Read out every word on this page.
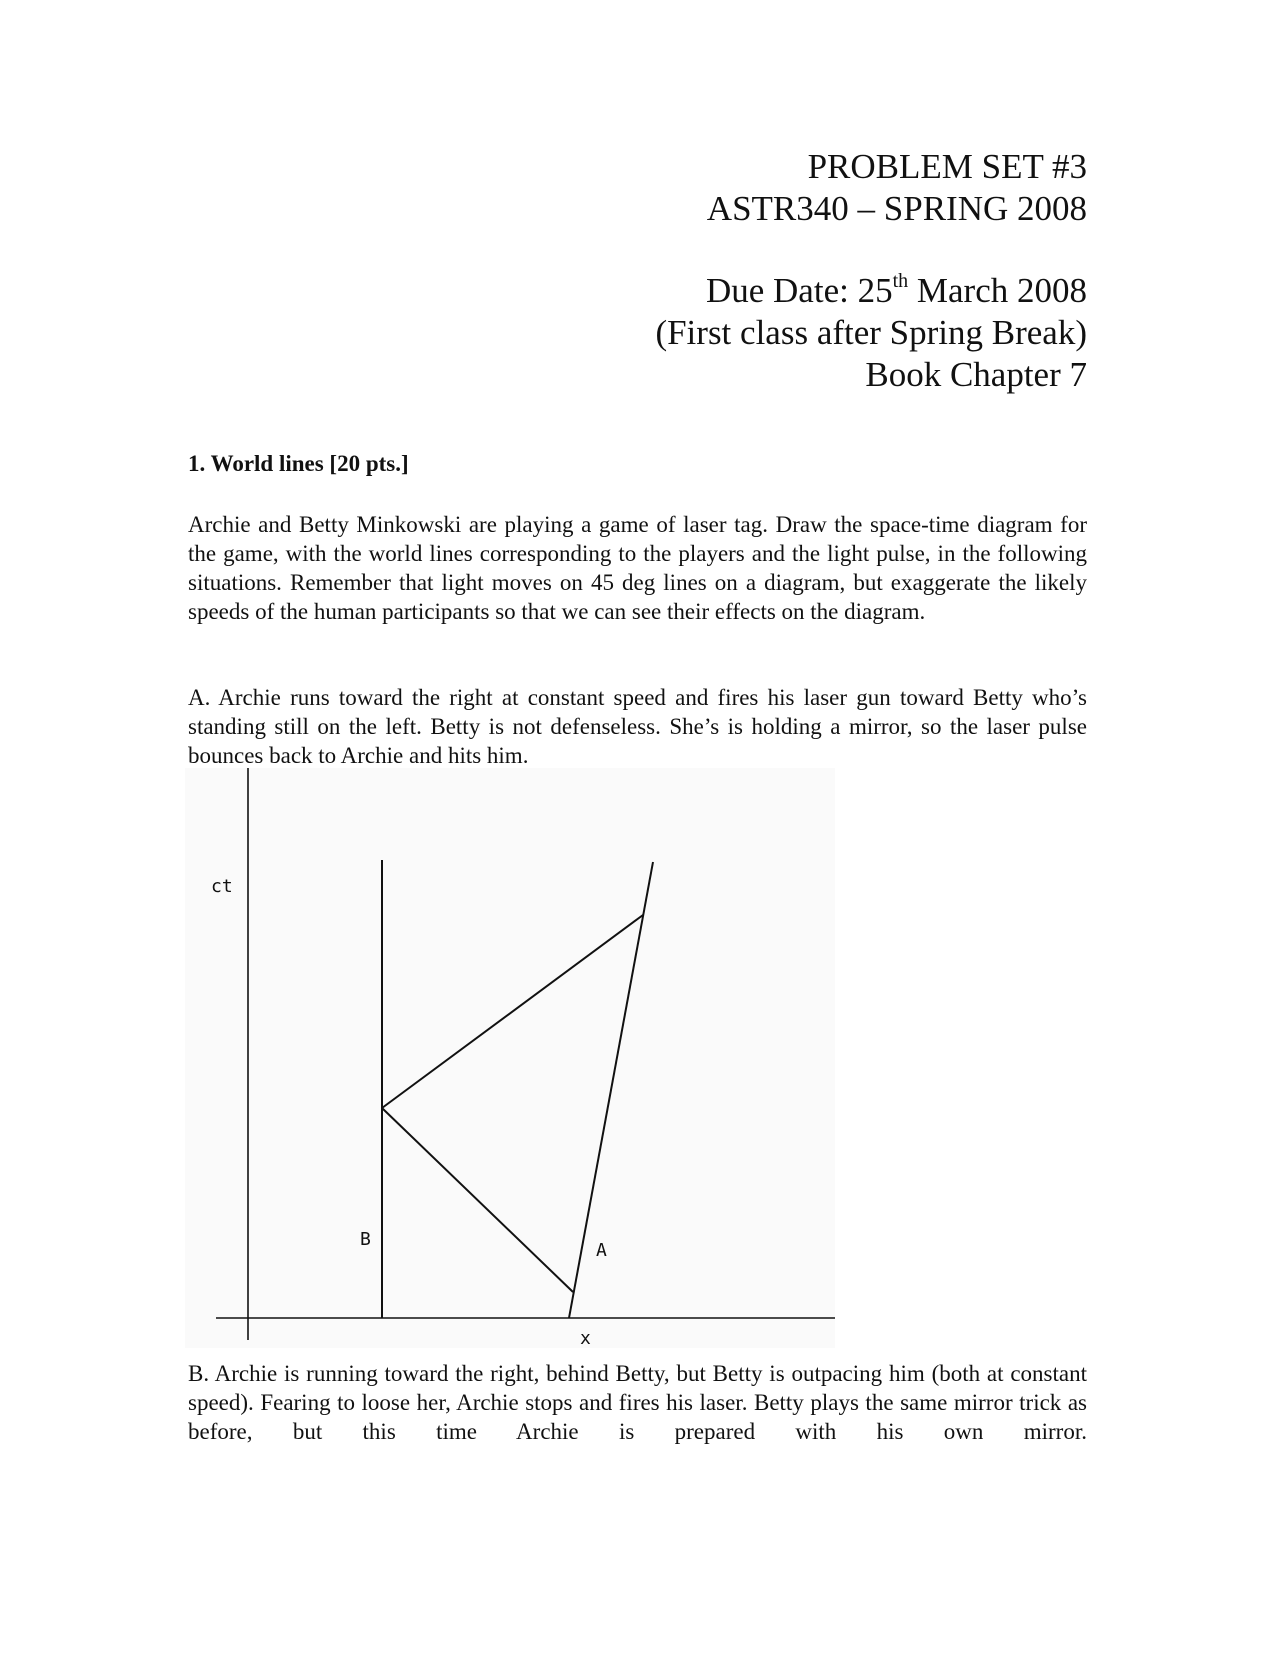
PROBLEM SET #3
ASTR340 – SPRING 2008
Due Date: 25th March 2008
(First class after Spring Break)
Book Chapter 7
1. World lines [20 pts.]

Archie and Betty Minkowski are playing a game of laser tag. Draw the space-time diagram for the game, with the world lines corresponding to the players and the light pulse, in the following situations. Remember that light moves on 45 deg lines on a diagram, but exaggerate the likely speeds of the human participants so that we can see their effects on the diagram.

A. Archie runs toward the right at constant speed and fires his laser gun toward Betty who’s standing still on the left. Betty is not defenseless. She’s is holding a mirror, so the laser pulse bounces back to Archie and hits him.

ct
x
B
A

B. Archie is running toward the right, behind Betty, but Betty is outpacing him (both at constant speed). Fearing to loose her, Archie stops and fires his laser. Betty plays the same mirror trick as before, but this time Archie is prepared with his own mirror.
